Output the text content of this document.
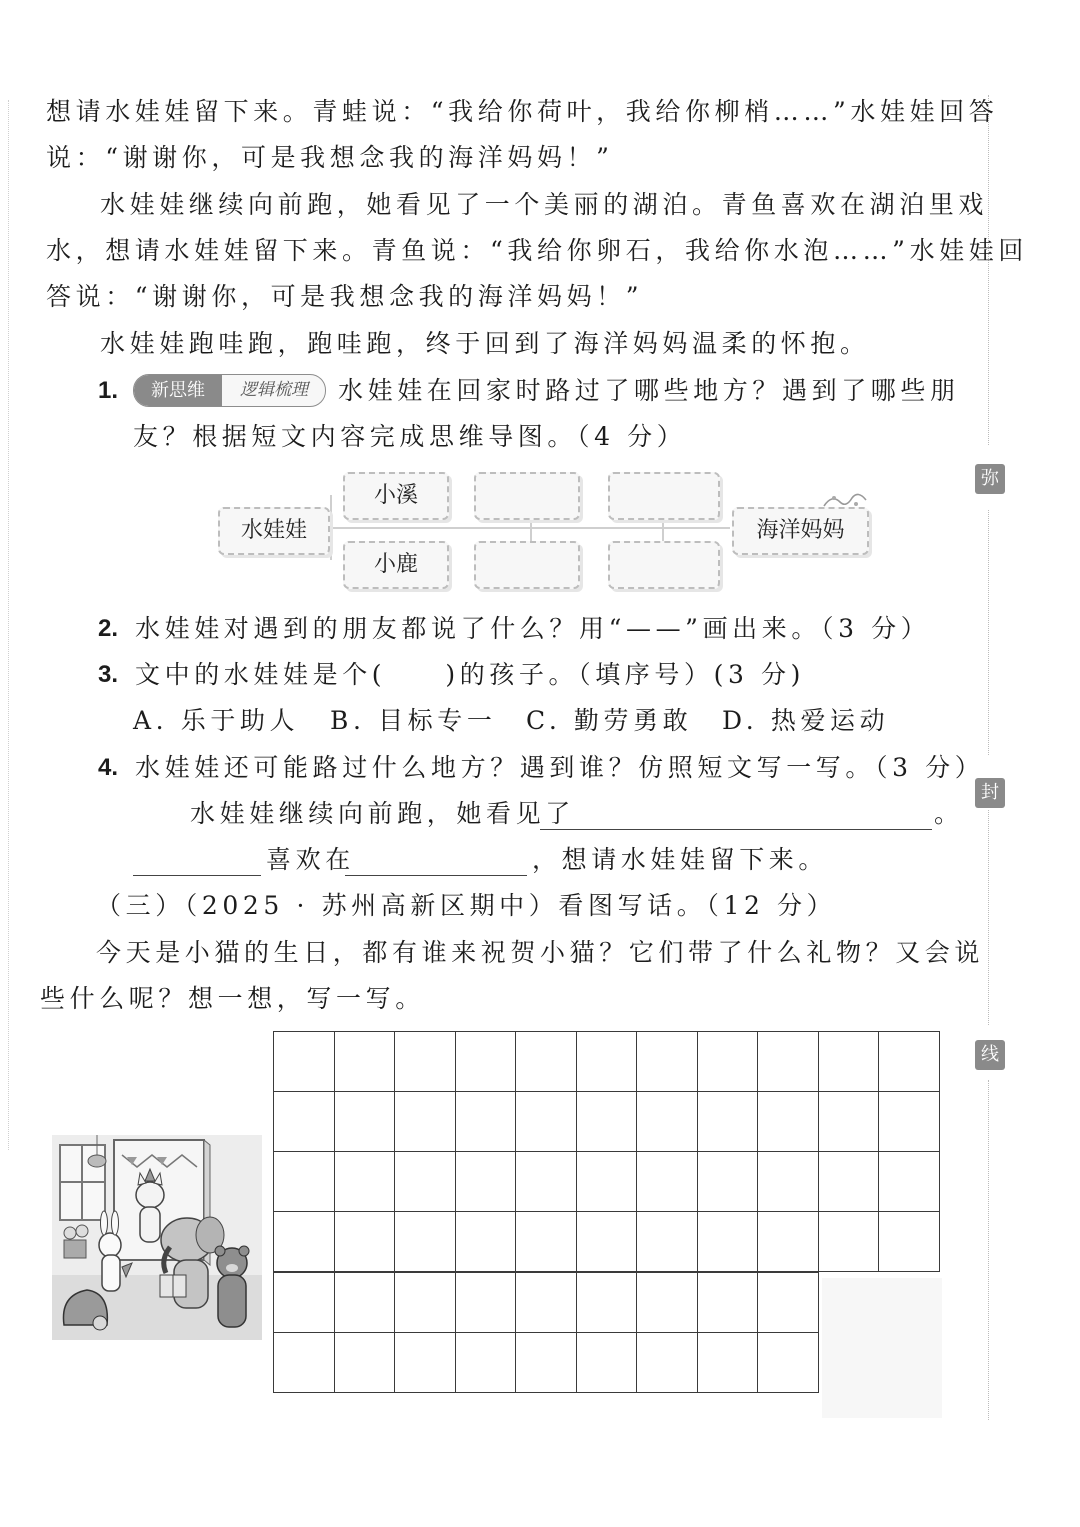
弥
封
线
想请水娃娃留下来。青蛙说：“我给你荷叶，我给你柳梢……”水娃娃回答
说：“谢谢你，可是我想念我的海洋妈妈！”
水娃娃继续向前跑，她看见了一个美丽的湖泊。青鱼喜欢在湖泊里戏
水，想请水娃娃留下来。青鱼说：“我给你卵石，我给你水泡……”水娃娃回
答说：“谢谢你，可是我想念我的海洋妈妈！”
水娃娃跑哇跑，跑哇跑，终于回到了海洋妈妈温柔的怀抱。
1.	新思维	逻辑梳理	水娃娃在回家时路过了哪些地方？遇到了哪些朋
友？根据短文内容完成思维导图。（4 分）
水娃娃
小溪
小鹿
海洋妈妈
2. 水娃娃对遇到的朋友都说了什么？用“——”画出来。（3 分）
3. 文中的水娃娃是个(　　)的孩子。（填序号）(3 分)
A. 乐于助人 B. 目标专一 C. 勤劳勇敢 D. 热爱运动
4. 水娃娃还可能路过什么地方？遇到谁？仿照短文写一写。（3 分）
水娃娃继续向前跑，她看见了	。
喜欢在	，想请水娃娃留下来。
（三）（2025 · 苏州高新区期中）看图写话。（12 分）
今天是小猫的生日，都有谁来祝贺小猫？它们带了什么礼物？又会说
些什么呢？想一想，写一写。
